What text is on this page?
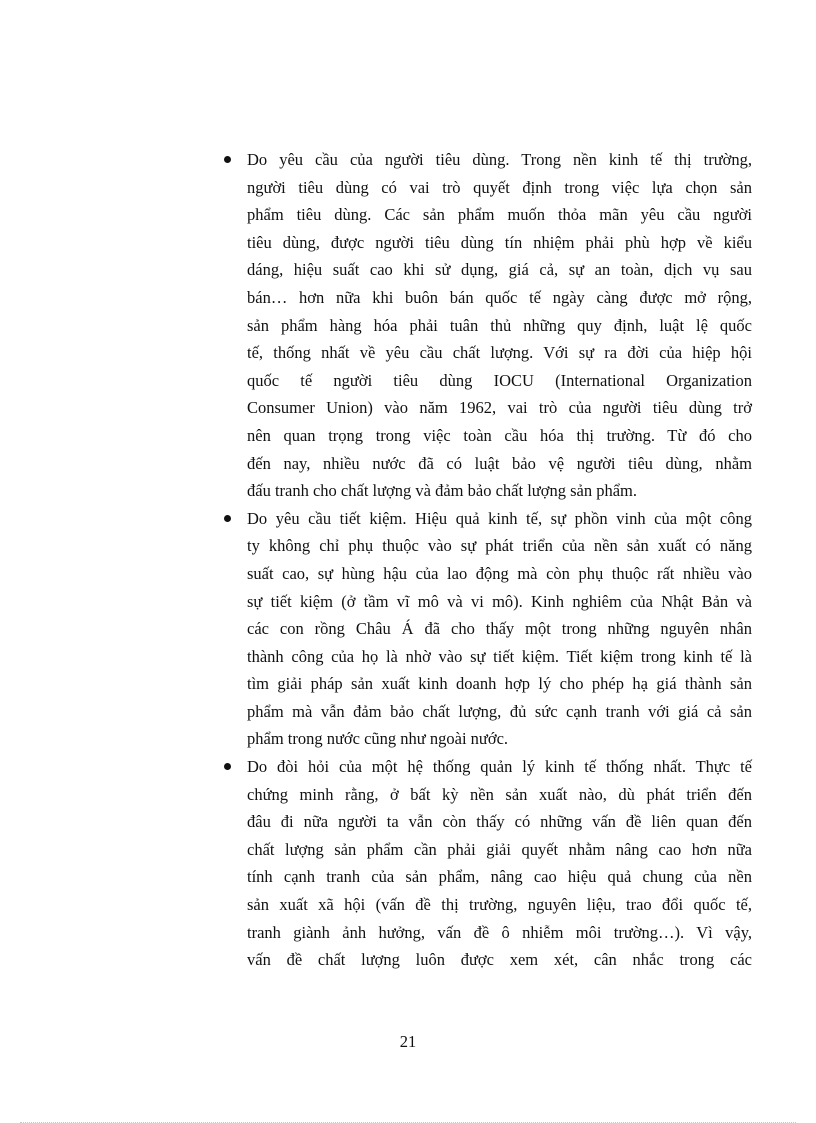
Do yêu cầu của người tiêu dùng. Trong nền kinh tế thị trường,
người tiêu dùng có vai trò quyết định trong việc lựa chọn sản
phẩm tiêu dùng. Các sản phẩm muốn thỏa mãn yêu cầu người
tiêu dùng, được người tiêu dùng tín nhiệm phải phù hợp về kiểu
dáng, hiệu suất cao khi sử dụng, giá cả, sự an toàn, dịch vụ sau
bán… hơn nữa khi buôn bán quốc tế ngày càng được mở rộng,
sản phẩm hàng hóa phải tuân thủ những quy định, luật lệ quốc
tế, thống nhất về yêu cầu chất lượng. Với sự ra đời của hiệp hội
quốc tế người tiêu dùng IOCU (International Organization
Consumer Union) vào năm 1962, vai trò của người tiêu dùng trở
nên quan trọng trong việc toàn cầu hóa thị trường. Từ đó cho
đến nay, nhiều nước đã có luật bảo vệ người tiêu dùng, nhằm
đấu tranh cho chất lượng và đảm bảo chất lượng sản phẩm.
Do yêu cầu tiết kiệm. Hiệu quả kinh tế, sự phồn vinh của một công
ty không chỉ phụ thuộc vào sự phát triển của nền sản xuất có năng
suất cao, sự hùng hậu của lao động mà còn phụ thuộc rất nhiều vào
sự tiết kiệm (ở tầm vĩ mô và vi mô). Kinh nghiêm của Nhật Bản và
các con rồng Châu Á đã cho thấy một trong những nguyên nhân
thành công của họ là nhờ vào sự tiết kiệm. Tiết kiệm trong kinh tế là
tìm giải pháp sản xuất kinh doanh hợp lý cho phép hạ giá thành sản
phẩm mà vẫn đảm bảo chất lượng, đủ sức cạnh tranh với giá cả sản
phẩm trong nước cũng như ngoài nước.
Do đòi hỏi của một hệ thống quản lý kinh tế thống nhất. Thực tế
chứng minh rằng, ở bất kỳ nền sản xuất nào, dù phát triển đến
đâu đi nữa người ta vẫn còn thấy có những vấn đề liên quan đến
chất lượng sản phẩm cần phải giải quyết nhằm nâng cao hơn nữa
tính cạnh tranh của sản phẩm, nâng cao hiệu quả chung của nền
sản xuất xã hội (vấn đề thị trường, nguyên liệu, trao đổi quốc tế,
tranh giành ảnh hưởng, vấn đề ô nhiễm môi trường…). Vì vậy,
vấn đề chất lượng luôn được xem xét, cân nhắc trong các
21
